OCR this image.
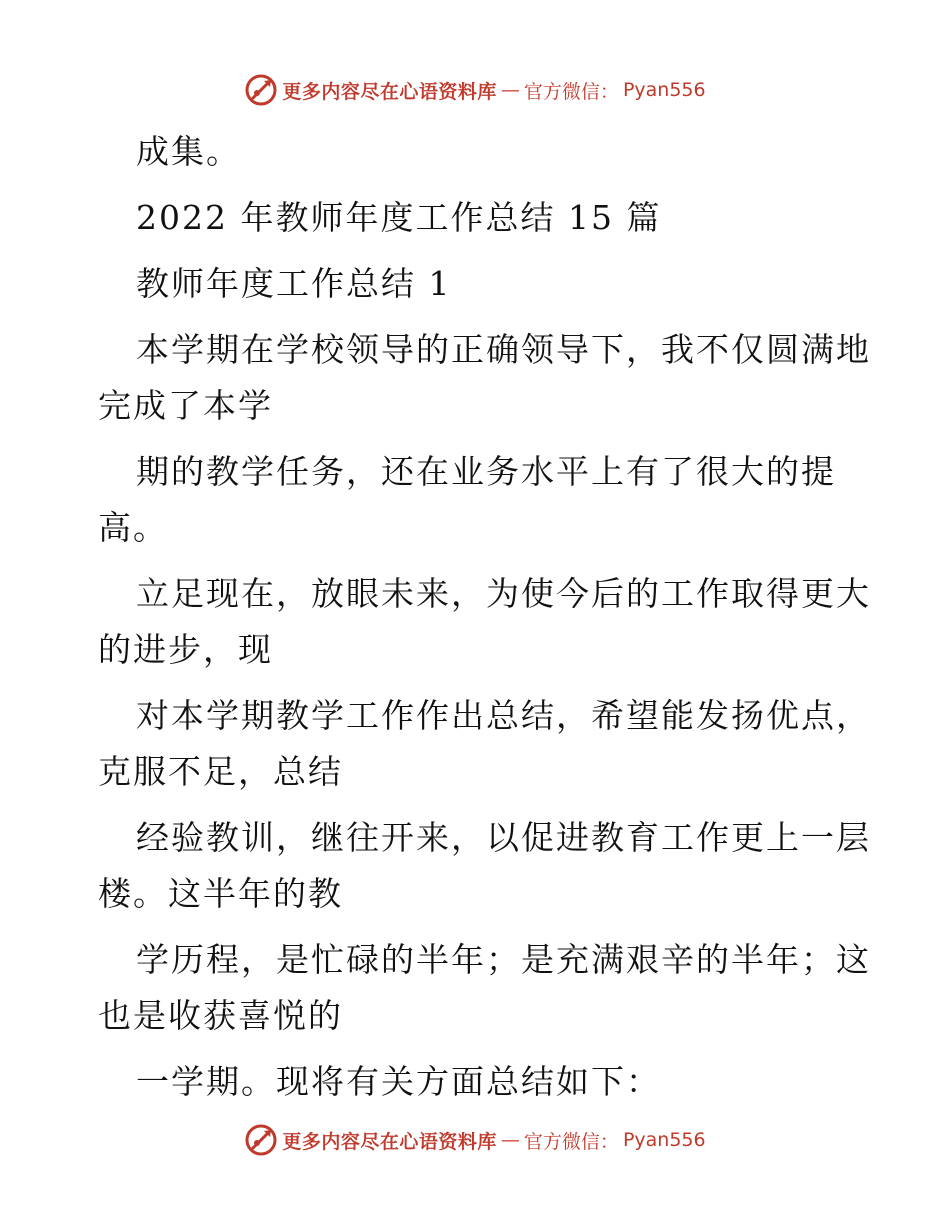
更多内容尽在心语资料库 — 官方微信： Pyan556
成集。
2022 年教师年度工作总结 15 篇
教师年度工作总结 1
本学期在学校领导的正确领导下，我不仅圆满地
完成了本学
期的教学任务，还在业务水平上有了很大的提
高。
立足现在，放眼未来，为使今后的工作取得更大
的进步，现
对本学期教学工作作出总结，希望能发扬优点，
克服不足，总结
经验教训，继往开来，以促进教育工作更上一层
楼。这半年的教
学历程，是忙碌的半年；是充满艰辛的半年；这
也是收获喜悦的
一学期。现将有关方面总结如下：
更多内容尽在心语资料库 — 官方微信： Pyan556
